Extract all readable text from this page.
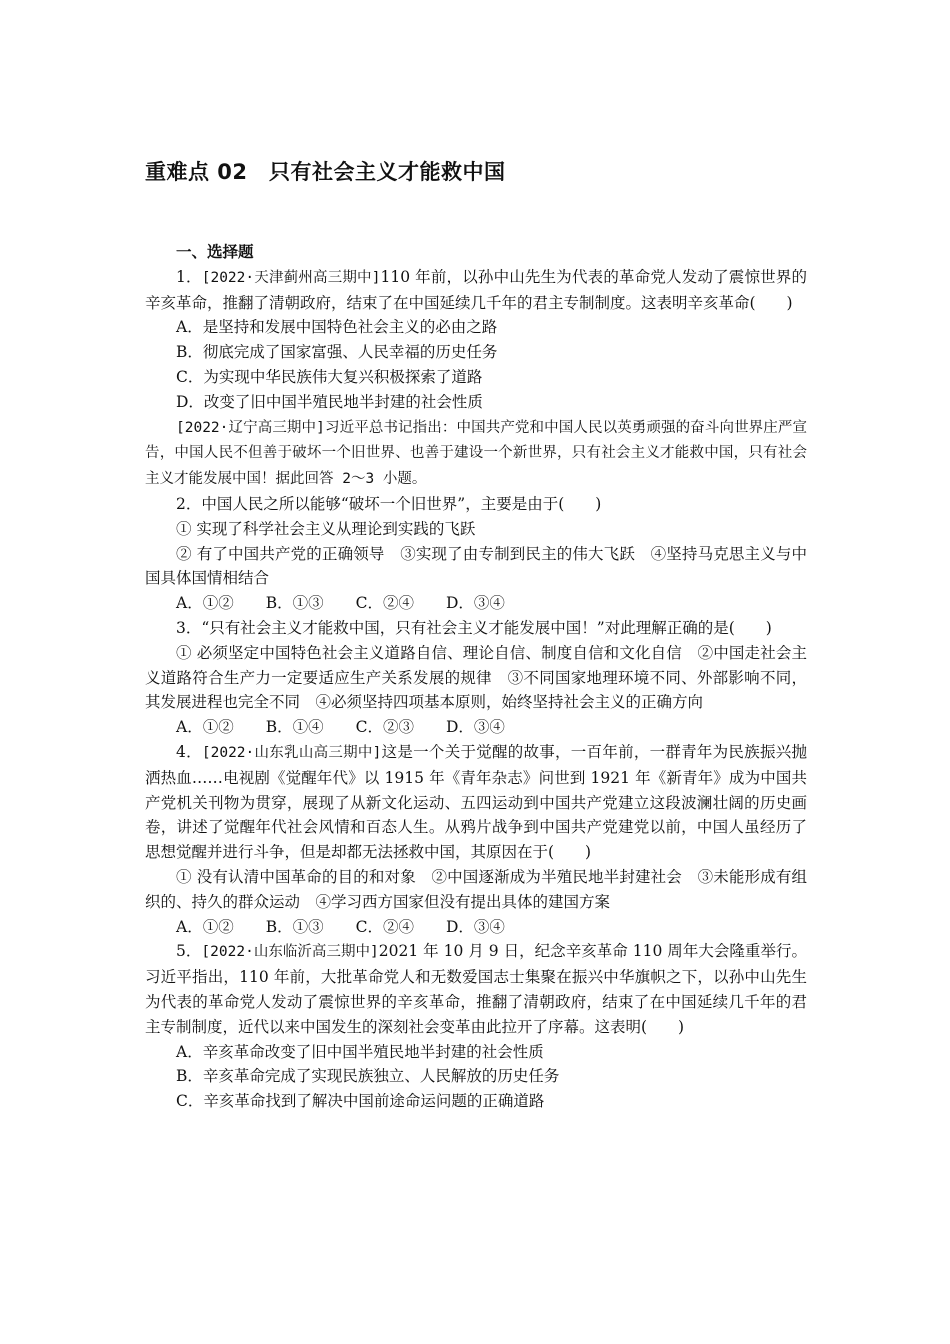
重难点 02　只有社会主义才能救中国

一、选择题

1．[2022·天津蓟州高三期中]110 年前，以孙中山先生为代表的革命党人发动了震惊世界的辛亥革命，推翻了清朝政府，结束了在中国延续几千年的君主专制制度。这表明辛亥革命(　　)

A．是坚持和发展中国特色社会主义的必由之路

B．彻底完成了国家富强、人民幸福的历史任务

C．为实现中华民族伟大复兴积极探索了道路

D．改变了旧中国半殖民地半封建的社会性质

[2022·辽宁高三期中]习近平总书记指出：中国共产党和中国人民以英勇顽强的奋斗向世界庄严宣告，中国人民不但善于破坏一个旧世界、也善于建设一个新世界，只有社会主义才能救中国，只有社会主义才能发展中国！据此回答 2～3 小题。

2．中国人民之所以能够“破坏一个旧世界”，主要是由于(　　)

① 实现了科学社会主义从理论到实践的飞跃

② 有了中国共产党的正确领导　③实现了由专制到民主的伟大飞跃　④坚持马克思主义与中国具体国情相结合

A．①② B．①③ C．②④ D．③④

3．“只有社会主义才能救中国，只有社会主义才能发展中国！”对此理解正确的是(　　)

① 必须坚定中国特色社会主义道路自信、理论自信、制度自信和文化自信　②中国走社会主义道路符合生产力一定要适应生产关系发展的规律　③不同国家地理环境不同、外部影响不同，其发展进程也完全不同　④必须坚持四项基本原则，始终坚持社会主义的正确方向

A．①② B．①④ C．②③ D．③④

4．[2022·山东乳山高三期中]这是一个关于觉醒的故事，一百年前，一群青年为民族振兴抛洒热血……电视剧《觉醒年代》以 1915 年《青年杂志》问世到 1921 年《新青年》成为中国共产党机关刊物为贯穿，展现了从新文化运动、五四运动到中国共产党建立这段波澜壮阔的历史画卷，讲述了觉醒年代社会风情和百态人生。从鸦片战争到中国共产党建党以前，中国人虽经历了思想觉醒并进行斗争，但是却都无法拯救中国，其原因在于(　　)

① 没有认清中国革命的目的和对象　②中国逐渐成为半殖民地半封建社会　③未能形成有组织的、持久的群众运动　④学习西方国家但没有提出具体的建国方案

A．①② B．①③ C．②④ D．③④

5．[2022·山东临沂高三期中]2021 年 10 月 9 日，纪念辛亥革命 110 周年大会隆重举行。习近平指出，110 年前，大批革命党人和无数爱国志士集聚在振兴中华旗帜之下，以孙中山先生为代表的革命党人发动了震惊世界的辛亥革命，推翻了清朝政府，结束了在中国延续几千年的君主专制制度，近代以来中国发生的深刻社会变革由此拉开了序幕。这表明(　　)

A．辛亥革命改变了旧中国半殖民地半封建的社会性质

B．辛亥革命完成了实现民族独立、人民解放的历史任务

C．辛亥革命找到了解决中国前途命运问题的正确道路
